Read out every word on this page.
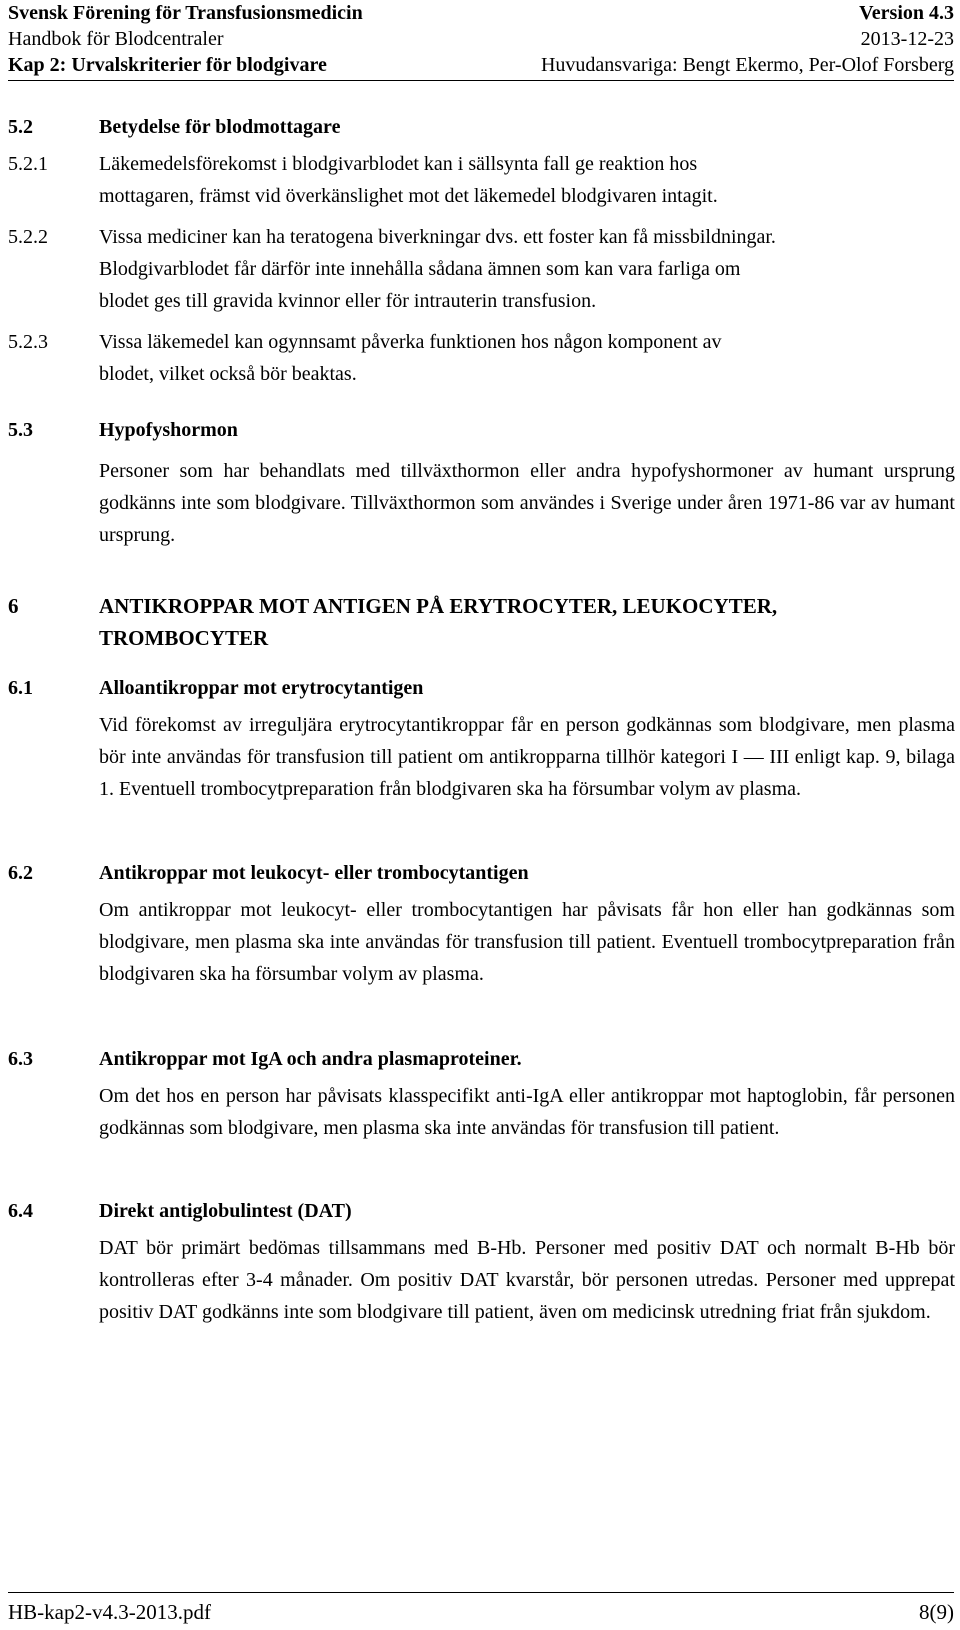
Svensk Förening för Transfusionsmedicin	Version 4.3
Handbok för Blodcentraler	2013-12-23
Kap 2: Urvalskriterier för blodgivare	Huvudansvariga: Bengt Ekermo, Per-Olof Forsberg
5.2	Betydelse för blodmottagare
5.2.1	Läkemedelsförekomst i blodgivarblodet kan i sällsynta fall ge reaktion hos
mottagaren, främst vid överkänslighet mot det läkemedel blodgivaren intagit.
5.2.2	Vissa mediciner kan ha teratogena biverkningar dvs. ett foster kan få missbildningar.
Blodgivarblodet får därför inte innehålla sådana ämnen som kan vara farliga om
blodet ges till gravida kvinnor eller för intrauterin transfusion.
5.2.3	Vissa läkemedel kan ogynnsamt påverka funktionen hos någon komponent av
blodet, vilket också bör beaktas.
5.3	Hypofyshormon
Personer som har behandlats med tillväxthormon eller andra hypofyshormoner av humant ursprung godkänns inte som blodgivare. Tillväxthormon som användes i Sverige under åren 1971-86 var av humant ursprung.
6	ANTIKROPPAR MOT ANTIGEN PÅ ERYTROCYTER, LEUKOCYTER,
TROMBOCYTER
6.1	Alloantikroppar mot erytrocytantigen
Vid förekomst av irreguljära erytrocytantikroppar får en person godkännas som blodgivare, men plasma bör inte användas för transfusion till patient om antikropparna tillhör kategori I — III enligt kap. 9, bilaga 1. Eventuell trombocytpreparation från blodgivaren ska ha försumbar volym av plasma.
6.2	Antikroppar mot leukocyt- eller trombocytantigen
Om antikroppar mot leukocyt- eller trombocytantigen har påvisats får hon eller han godkännas som blodgivare, men plasma ska inte användas för transfusion till patient. Eventuell trombocytpreparation från blodgivaren ska ha försumbar volym av plasma.
6.3	Antikroppar mot IgA och andra plasmaproteiner.
Om det hos en person har påvisats klasspecifikt anti-IgA eller antikroppar mot haptoglobin, får personen godkännas som blodgivare, men plasma ska inte användas för transfusion till patient.
6.4	Direkt antiglobulintest (DAT)
DAT bör primärt bedömas tillsammans med B-Hb. Personer med positiv DAT och normalt B-Hb bör kontrolleras efter 3-4 månader. Om positiv DAT kvarstår, bör personen utredas. Personer med upprepat positiv DAT godkänns inte som blodgivare till patient, även om medicinsk utredning friat från sjukdom.
HB-kap2-v4.3-2013.pdf	8(9)
